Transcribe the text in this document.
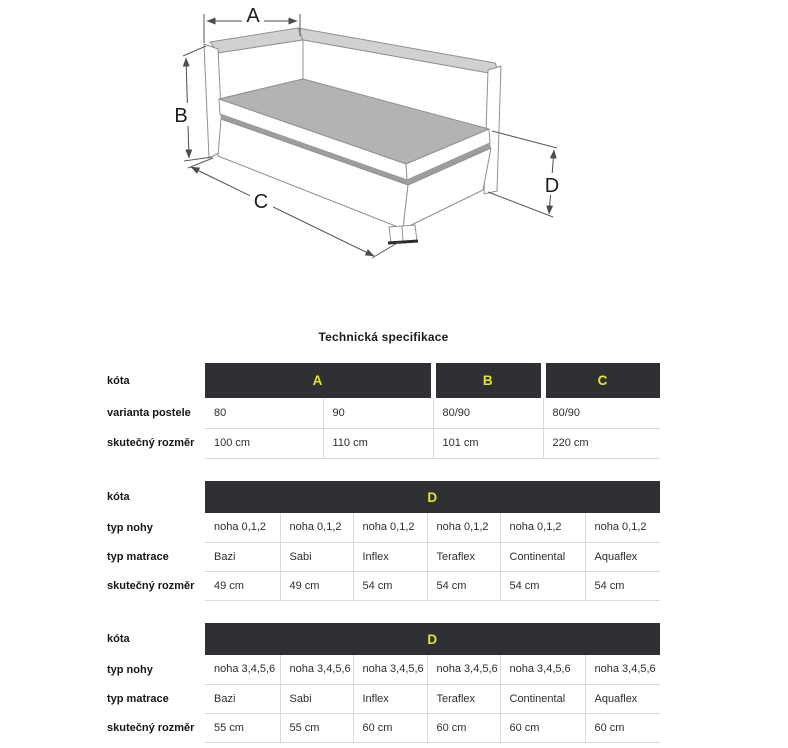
A
B
C
D
Technická specifikace
kóta	A		B	C
varianta postele	80	90	80/90	80/90
skutečný rozměr	100 cm	110 cm	101 cm	220 cm
kóta	D					
typ nohy	noha 0,1,2	noha 0,1,2	noha 0,1,2	noha 0,1,2	noha 0,1,2	noha 0,1,2
typ matrace	Bazi	Sabi	Inflex	Teraflex	Continental	Aquaflex
skutečný rozměr	49 cm	49 cm	54 cm	54 cm	54 cm	54 cm
kóta	D					
typ nohy	noha 3,4,5,6	noha 3,4,5,6	noha 3,4,5,6	noha 3,4,5,6	noha 3,4,5,6	noha 3,4,5,6
typ matrace	Bazi	Sabi	Inflex	Teraflex	Continental	Aquaflex
skutečný rozměr	55 cm	55 cm	60 cm	60 cm	60 cm	60 cm
